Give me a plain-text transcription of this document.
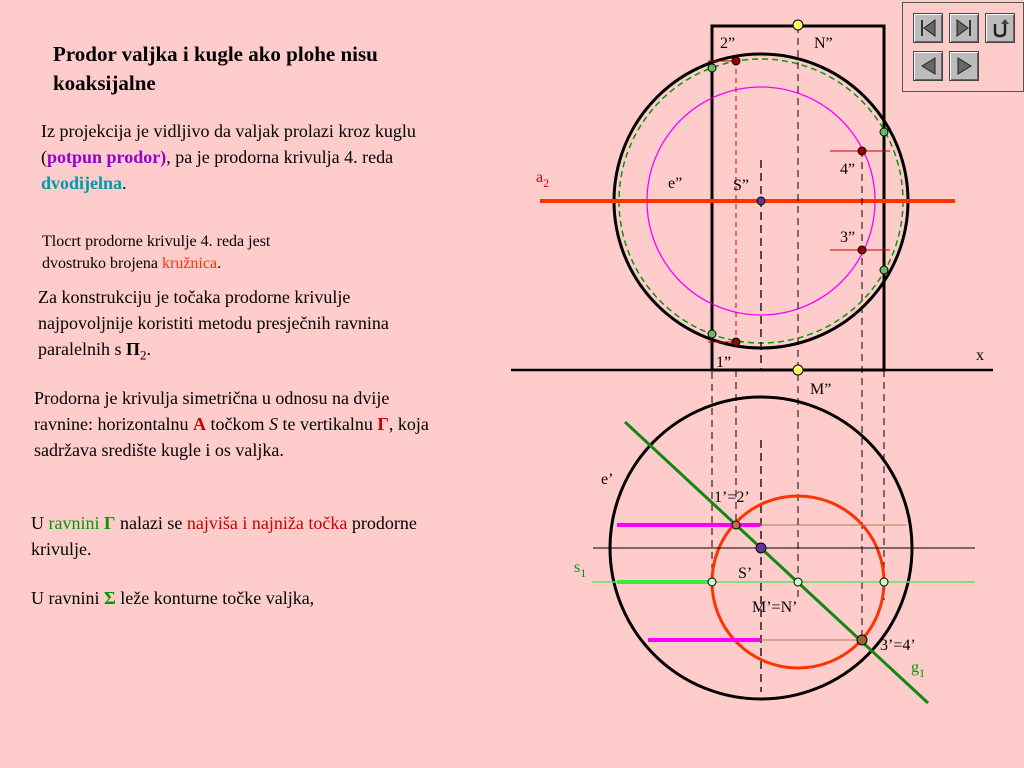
Prodor valjka i kugle ako plohe nisu koaksijalne
Iz projekcija je vidljivo da valjak prolazi kroz kuglu (potpun prodor), pa je prodorna krivulja 4. reda dvodijelna.
Tlocrt prodorne krivulje 4. reda jest dvostruko brojena kružnica.
Za konstrukciju je točaka prodorne krivulje najpovoljnije koristiti metodu presječnih ravnina paralelnih s $\Pi_2$.
Prodorna je krivulja simetrična u odnosu na dvije ravnine: horizontalnu A točkom S te vertikalnu Γ, koja sadržava središte kugle i os valjka.
U ravnini Γ nalazi se najviša i najniža točka prodorne krivulje.
U ravnini Σ leže konturne točke valjka,
2”	N”
4”
e”	S”
$a_2$
3”
x
1”
M”
e’
1’=2’
$s_1$	S’
M’=N’
3’=4’
$g_1$
